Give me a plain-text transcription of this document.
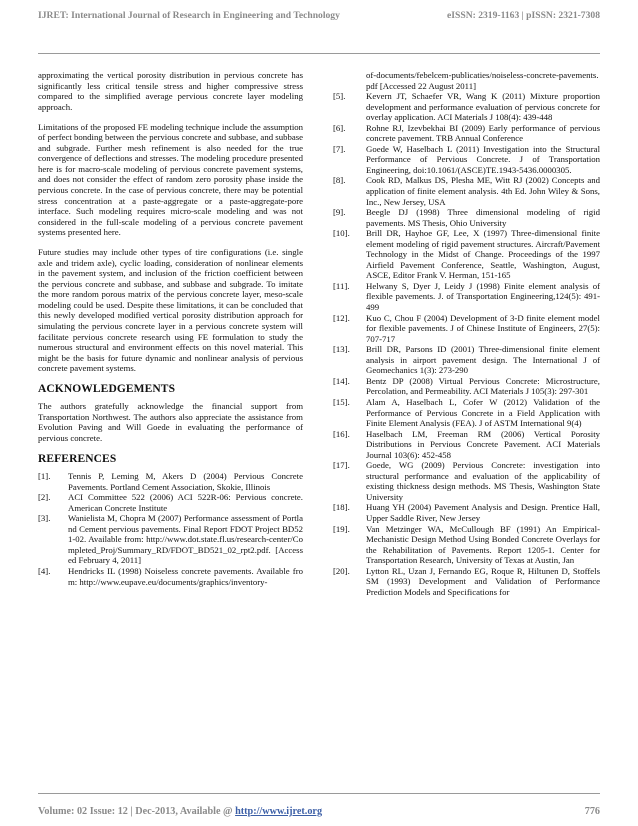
IJRET: International Journal of Research in Engineering and Technology	eISSN: 2319-1163 | pISSN: 2321-7308

approximating the vertical porosity distribution in pervious concrete has significantly less critical tensile stress and higher compressive stress compared to the simplified average pervious concrete layer modeling approach.

Limitations of the proposed FE modeling technique include the assumption of perfect bonding between the pervious concrete and subbase, and subbase and subgrade. Further mesh refinement is also needed for the true convergence of deflections and stresses. The modeling procedure presented here is for macro-scale modeling of pervious concrete pavement systems, and does not consider the effect of random zero porosity phase inside the pervious concrete. In the case of pervious concrete, there may be potential stress concentration at a paste-aggregate or a paste-aggregate-pore interface. Such modeling requires micro-scale modeling and was not considered in the full-scale modeling of a pervious concrete pavement systems presented here.

Future studies may include other types of tire configurations (i.e. single axle and tridem axle), cyclic loading, consideration of nonlinear elements in the pavement system, and inclusion of the friction coefficient between the pervious concrete and subbase, and subbase and subgrade. To imitate the more random porous matrix of the pervious concrete layer, meso-scale modeling could be used. Despite these limitations, it can be concluded that this newly developed modified vertical porosity distribution approach for simulating the pervious concrete layer in a pervious concrete system will facilitate pervious concrete research using FE formulation to study the numerous structural and environment effects on this novel material. This might be the basis for future dynamic and nonlinear analysis of pervious concrete pavement systems.

ACKNOWLEDGEMENTS

The authors gratefully acknowledge the financial support from Transportation Northwest. The authors also appreciate the assistance from Evolution Paving and Will Goede in evaluating the performance of pervious concrete.

REFERENCES
[1].	Tennis P, Leming M, Akers D (2004) Pervious Concrete Pavements. Portland Cement Association, Skokie, Illinois
[2].	ACI Committee 522 (2006) ACI 522R-06: Pervious concrete. American Concrete Institute
[3].	Wanielista M, Chopra M (2007) Performance assessment of Portland Cement pervious pavements. Final Report FDOT Project BD521-02. Available from: http://www.dot.state.fl.us/research-center/Completed_Proj/Summary_RD/FDOT_BD521_02_rpt2.pdf. [Accessed February 4, 2011]
[4].	Hendricks IL (1998) Noiseless concrete pavements. Available from: http://www.eupave.eu/documents/graphics/inventory-
of-documents/febelcem-publicaties/noiseless-concrete-pavements.pdf [Accessed 22 August 2011]
[5].	Kevern JT, Schaefer VR, Wang K (2011) Mixture proportion development and performance evaluation of pervious concrete for overlay application. ACI Materials J 108(4): 439-448
[6].	Rohne RJ, Izevbekhai BI (2009) Early performance of pervious concrete pavement. TRB Annual Conference
[7].	Goede W, Haselbach L (2011) Investigation into the Structural Performance of Pervious Concrete. J of Transportation Engineering, doi:10.1061/(ASCE)TE.1943-5436.0000305.
[8].	Cook RD, Malkus DS, Plesha ME, Witt RJ (2002) Concepts and application of finite element analysis. 4th Ed. John Wiley & Sons, Inc., New Jersey, USA
[9].	Beegle DJ (1998) Three dimensional modeling of rigid pavements. MS Thesis, Ohio University
[10].	Brill DR, Hayhoe GF, Lee, X (1997) Three-dimensional finite element modeling of rigid pavement structures. Aircraft/Pavement Technology in the Midst of Change. Proceedings of the 1997 Airfield Pavement Conference, Seattle, Washington, August, ASCE, Editor Frank V. Herman, 151-165
[11].	Helwany S, Dyer J, Leidy J (1998) Finite element analysis of flexible pavements. J. of Transportation Engineering,124(5): 491-499
[12].	Kuo C, Chou F (2004) Development of 3-D finite element model for flexible pavements. J of Chinese Institute of Engineers, 27(5): 707-717
[13].	Brill DR, Parsons ID (2001) Three-dimensional finite element analysis in airport pavement design. The International J of Geomechanics 1(3): 273-290
[14].	Bentz DP (2008) Virtual Pervious Concrete: Microstructure, Percolation, and Permeability. ACI Materials J 105(3): 297-301
[15].	Alam A, Haselbach L, Cofer W (2012) Validation of the Performance of Pervious Concrete in a Field Application with Finite Element Analysis (FEA). J of ASTM International 9(4)
[16].	Haselbach LM, Freeman RM (2006) Vertical Porosity Distributions in Pervious Concrete Pavement. ACI Materials Journal 103(6): 452-458
[17].	Goede, WG (2009) Pervious Concrete: investigation into structural performance and evaluation of the applicability of existing thickness design methods. MS Thesis, Washington State University
[18].	Huang YH (2004) Pavement Analysis and Design. Prentice Hall, Upper Saddle River, New Jersey
[19].	Van Metzinger WA, McCullough BF (1991) An Empirical-Mechanistic Design Method Using Bonded Concrete Overlays for the Rehabilitation of Pavements. Report 1205-1. Center for Transportation Research, University of Texas at Austin, Jan
[20].	Lytton RL, Uzan J, Fernando EG, Roque R, Hiltunen D, Stoffels SM (1993) Development and Validation of Performance Prediction Models and Specifications for
Volume: 02 Issue: 12 | Dec-2013, Available @ http://www.ijret.org	776
